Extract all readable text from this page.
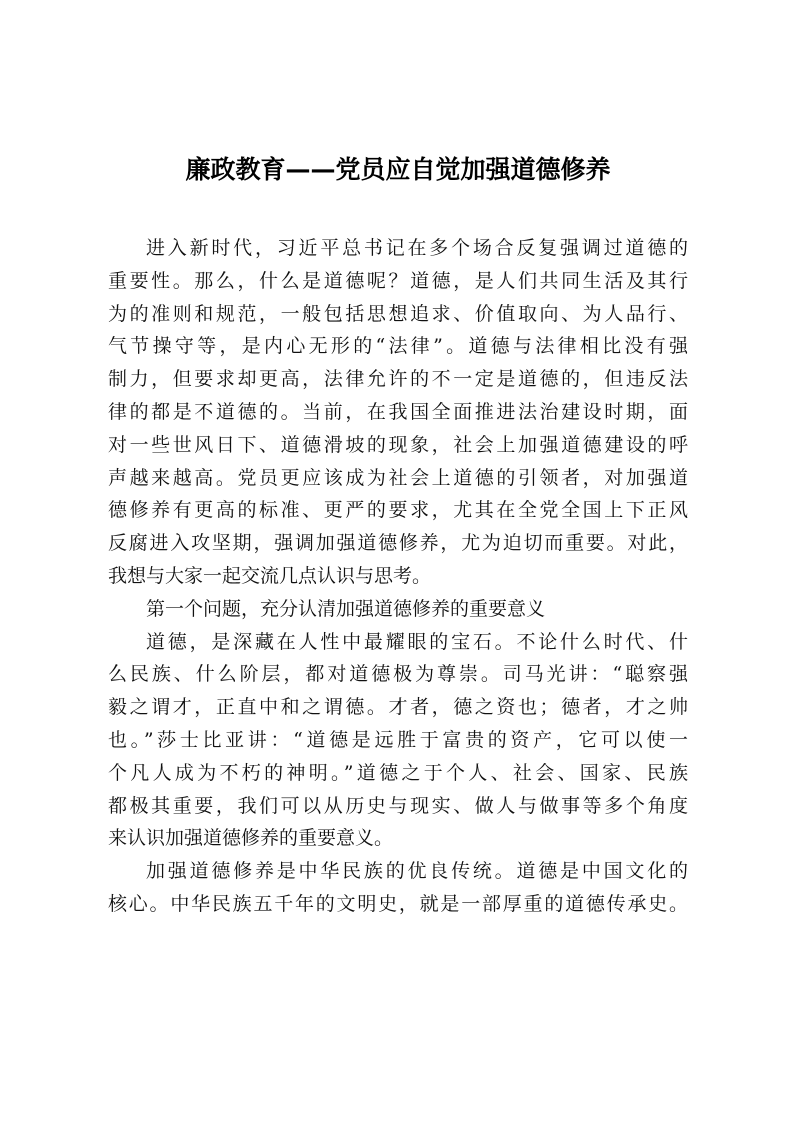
廉政教育——党员应自觉加强道德修养
进入新时代，习近平总书记在多个场合反复强调过道德的
重要性。那么，什么是道德呢？道德，是人们共同生活及其行
为的准则和规范，一般包括思想追求、价值取向、为人品行、
气节操守等，是内心无形的“法律”。道德与法律相比没有强
制力，但要求却更高，法律允许的不一定是道德的，但违反法
律的都是不道德的。当前，在我国全面推进法治建设时期，面
对一些世风日下、道德滑坡的现象，社会上加强道德建设的呼
声越来越高。党员更应该成为社会上道德的引领者，对加强道
德修养有更高的标准、更严的要求，尤其在全党全国上下正风
反腐进入攻坚期，强调加强道德修养，尤为迫切而重要。对此，
我想与大家一起交流几点认识与思考。
第一个问题，充分认清加强道德修养的重要意义
道德，是深藏在人性中最耀眼的宝石。不论什么时代、什
么民族、什么阶层，都对道德极为尊崇。司马光讲：“聪察强
毅之谓才，正直中和之谓德。才者，德之资也；德者，才之帅
也。”莎士比亚讲：“道德是远胜于富贵的资产，它可以使一
个凡人成为不朽的神明。”道德之于个人、社会、国家、民族
都极其重要，我们可以从历史与现实、做人与做事等多个角度
来认识加强道德修养的重要意义。
加强道德修养是中华民族的优良传统。道德是中国文化的
核心。中华民族五千年的文明史，就是一部厚重的道德传承史。
